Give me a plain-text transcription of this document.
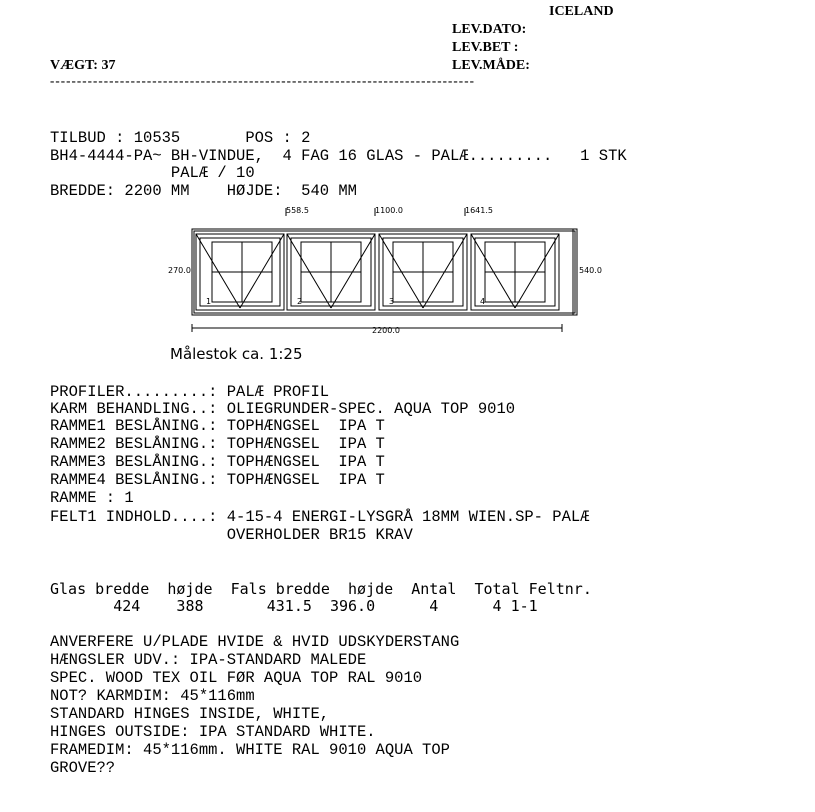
ICELAND
LEV.DATO:
LEV.BET :
LEV.MÅDE:
VÆGT: 37
-------------------------------------------------------------------------------
TILBUD : 10535       POS : 2
BH4-4444-PA~ BH-VINDUE,  4 FAG 16 GLAS - PALÆ.........   1 STK
PALÆ / 10
BREDDE: 2200 MM    HØJDE:  540 MM
558.5	1100.0	1641.5
270.0	540.0
2200.0
1	2	3	4
Målestok ca. 1:25
PROFILER.........: PALÆ PROFIL
KARM BEHANDLING..: OLIEGRUNDER-SPEC. AQUA TOP 9010
RAMME1 BESLÅNING.: TOPHÆNGSEL  IPA T
RAMME2 BESLÅNING.: TOPHÆNGSEL  IPA T
RAMME3 BESLÅNING.: TOPHÆNGSEL  IPA T
RAMME4 BESLÅNING.: TOPHÆNGSEL  IPA T
RAMME : 1
FELT1 INDHOLD....: 4-15-4 ENERGI-LYSGRÅ 18MM WIEN.SP- PALÆ
OVERHOLDER BR15 KRAV
Glas bredde  højde  Fals bredde  højde  Antal  Total Feltnr.
424    388       431.5  396.0      4      4 1-1
ANVERFERE U/PLADE HVIDE & HVID UDSKYDERSTANG
HÆNGSLER UDV.: IPA-STANDARD MALEDE
SPEC. WOOD TEX OIL FØR AQUA TOP RAL 9010
NOT? KARMDIM: 45*116mm
STANDARD HINGES INSIDE, WHITE,
HINGES OUTSIDE: IPA STANDARD WHITE.
FRAMEDIM: 45*116mm. WHITE RAL 9010 AQUA TOP
GROVE??
